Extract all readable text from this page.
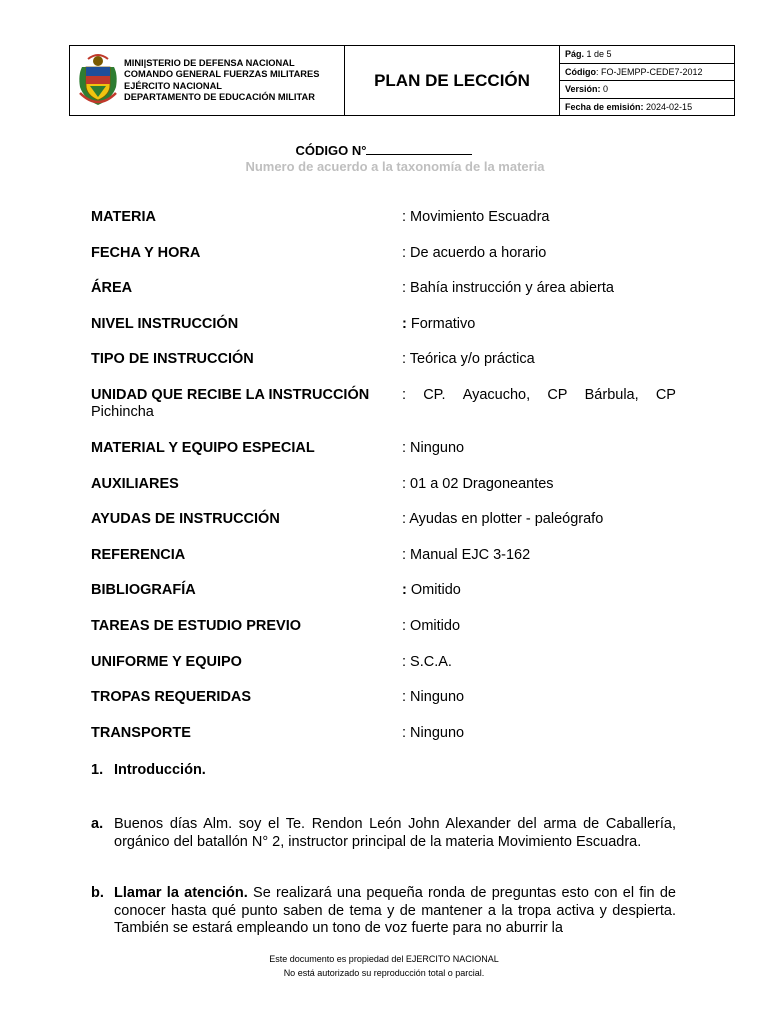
MINI|STERIO DE DEFENSA NACIONAL
COMANDO GENERAL FUERZAS MILITARES
EJÉRCITO NACIONAL
DEPARTAMENTO DE EDUCACIÓN MILITAR
	PLAN DE LECCIÓN	Pág. 1 de 5
Código: FO-JEMPP-CEDE7-2012
Versión: 0
Fecha de emisión: 2024-02-15
CÓDIGO N°
Numero de acuerdo a la taxonomía de la materia
MATERIA	: Movimiento Escuadra
FECHA Y HORA	: De acuerdo a horario
ÁREA	: Bahía instrucción y área abierta
NIVEL INSTRUCCIÓN	: Formativo
TIPO DE INSTRUCCIÓN	: Teórica y/o práctica
UNIDAD QUE RECIBE LA INSTRUCCIÓN : CP. Ayacucho, CP Bárbula, CP
Pichincha
MATERIAL Y EQUIPO ESPECIAL	: Ninguno
AUXILIARES	: 01 a 02 Dragoneantes
AYUDAS DE INSTRUCCIÓN	: Ayudas en plotter - paleógrafo
REFERENCIA	: Manual EJC 3-162
BIBLIOGRAFÍA	: Omitido
TAREAS DE ESTUDIO PREVIO	: Omitido
UNIFORME Y EQUIPO	: S.C.A.
TROPAS REQUERIDAS	: Ninguno
TRANSPORTE	: Ninguno
1. Introducción.
a. Buenos días Alm. soy el Te. Rendon León John Alexander del arma de Caballería, orgánico del batallón N° 2, instructor principal de la materia Movimiento Escuadra.
b. Llamar la atención. Se realizará una pequeña ronda de preguntas esto con el fin de conocer hasta qué punto saben de tema y de mantener a la tropa activa y despierta. También se estará empleando un tono de voz fuerte para no aburrir la
Este documento es propiedad del EJERCITO NACIONAL
No está autorizado su reproducción total o parcial.
